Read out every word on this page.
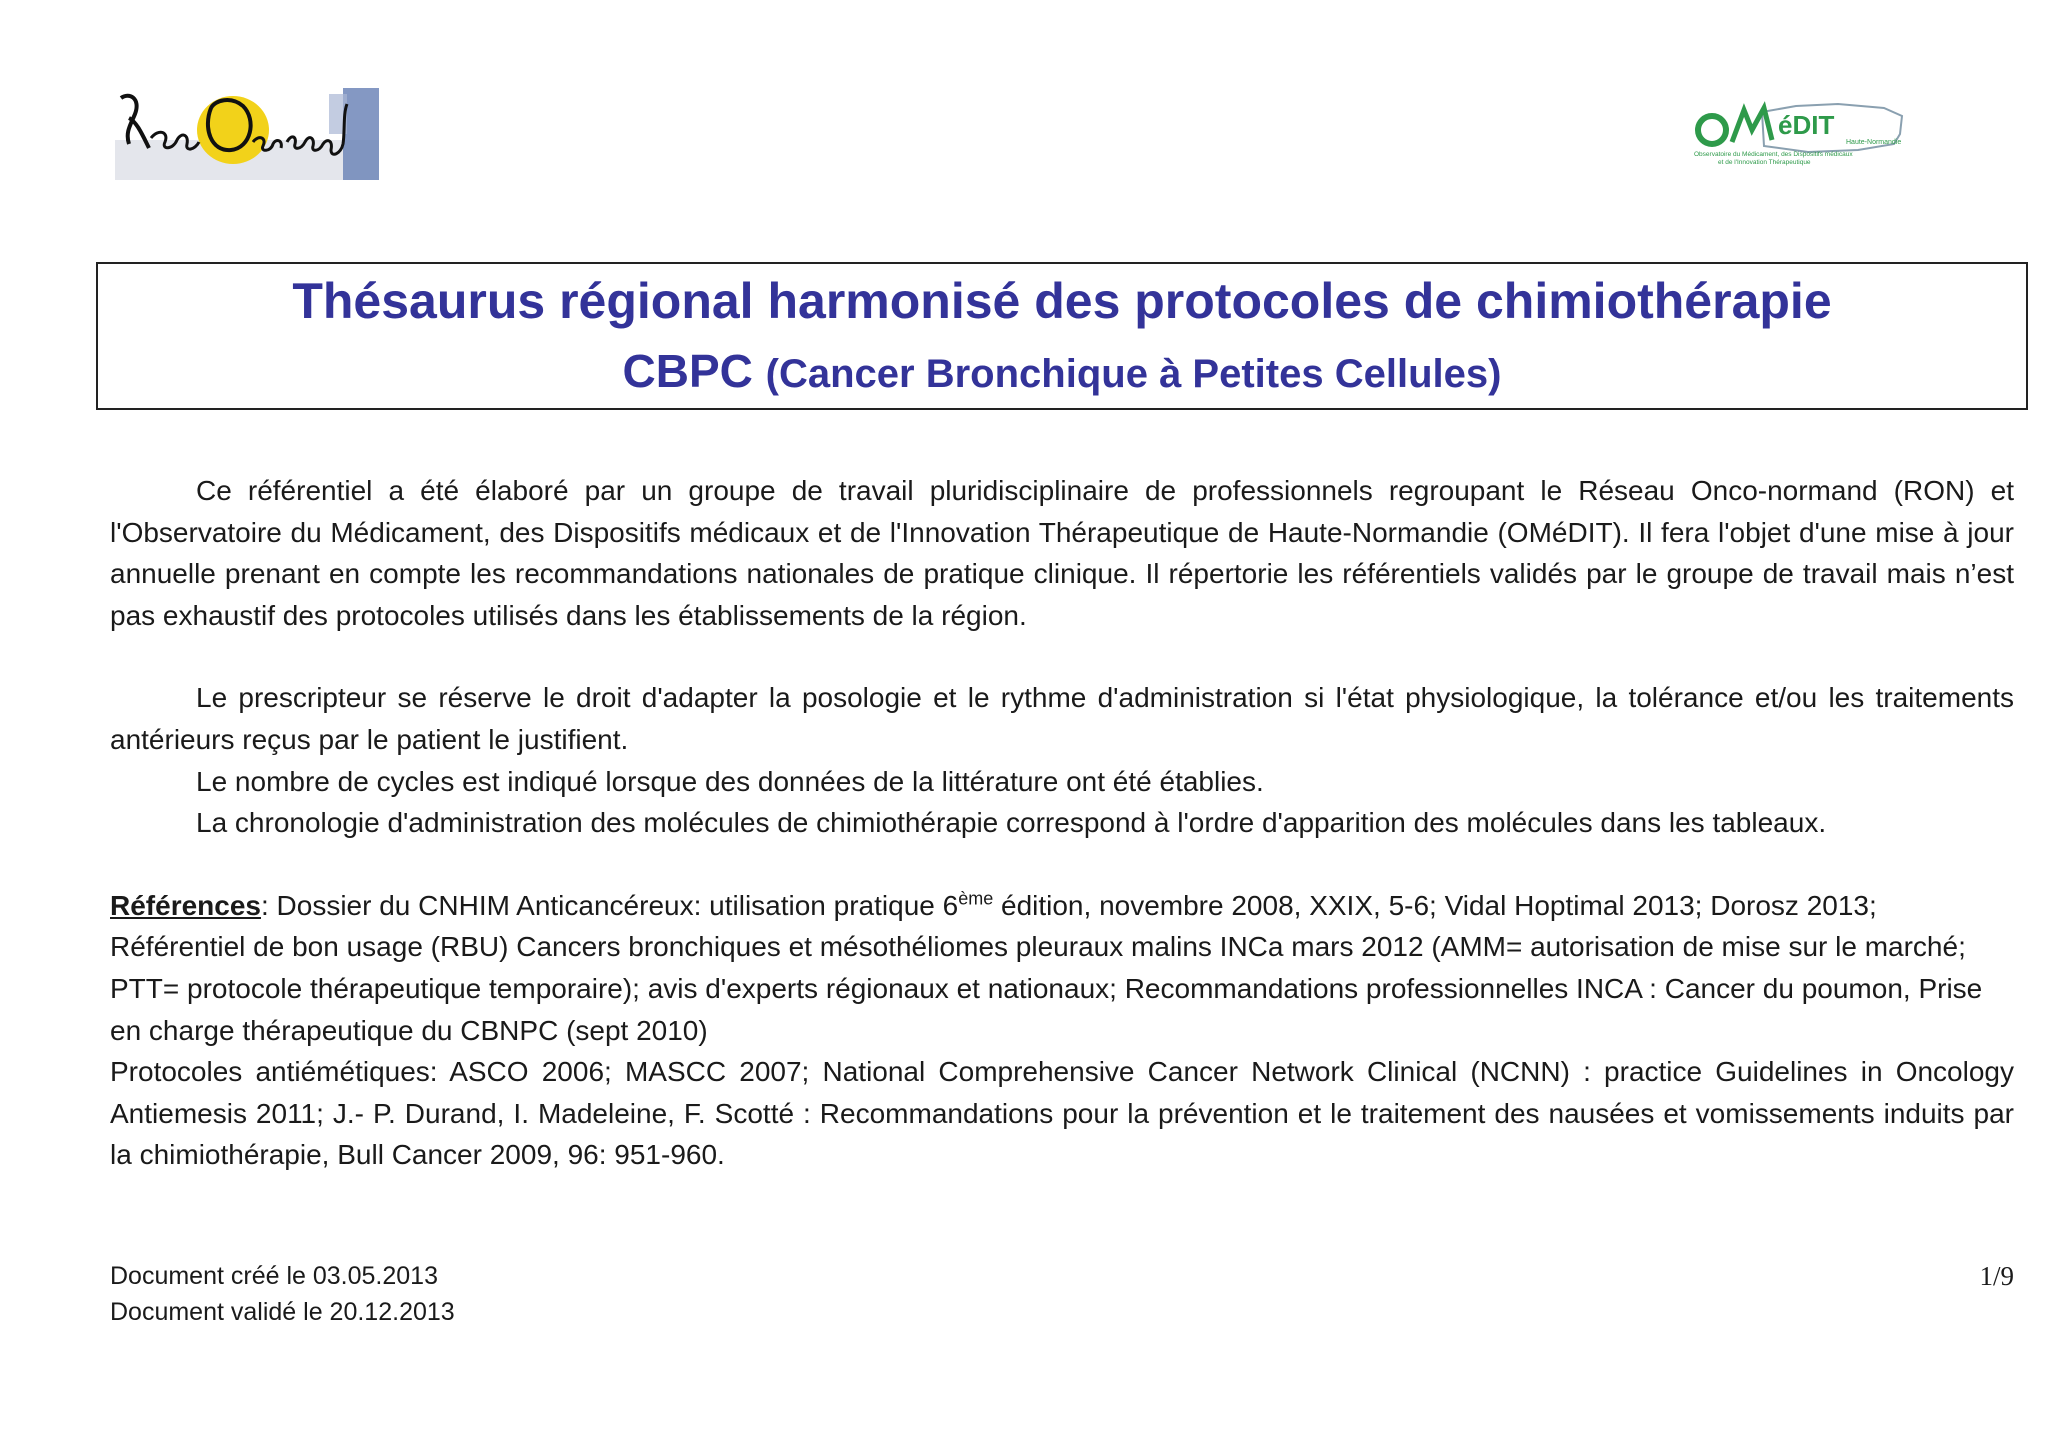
éDIT
Haute-Normandie
Observatoire du Médicament, des Dispositifs médicaux
et de l'Innovation Thérapeutique
Thésaurus régional harmonisé des protocoles de chimiothérapie
CBPC (Cancer Bronchique à Petites Cellules)

Ce référentiel a été élaboré par un groupe de travail pluridisciplinaire de professionnels regroupant le Réseau Onco-normand (RON) et l'Observatoire du Médicament, des Dispositifs médicaux et de l'Innovation Thérapeutique de Haute-Normandie (OMéDIT). Il fera l'objet d'une mise à jour annuelle prenant en compte les recommandations nationales de pratique clinique. Il répertorie les référentiels validés par le groupe de travail mais n’est pas exhaustif des protocoles utilisés dans les établissements de la région.

Le prescripteur se réserve le droit d'adapter la posologie et le rythme d'administration si l'état physiologique, la tolérance et/ou les traitements antérieurs reçus par le patient le justifient.

Le nombre de cycles est indiqué lorsque des données de la littérature ont été établies.

La chronologie d'administration des molécules de chimiothérapie correspond à l'ordre d'apparition des molécules dans les tableaux.

Références: Dossier du CNHIM Anticancéreux: utilisation pratique 6ème édition, novembre 2008, XXIX, 5-6; Vidal Hoptimal 2013; Dorosz 2013; Référentiel de bon usage (RBU) Cancers bronchiques et mésothéliomes pleuraux malins INCa mars 2012 (AMM= autorisation de mise sur le marché; PTT= protocole thérapeutique temporaire); avis d'experts régionaux et nationaux; Recommandations professionnelles INCA : Cancer du poumon, Prise en charge thérapeutique du CBNPC (sept 2010)

Protocoles antiémétiques: ASCO 2006; MASCC 2007; National Comprehensive Cancer Network Clinical (NCNN) : practice Guidelines in Oncology Antiemesis 2011; J.- P. Durand, I. Madeleine, F. Scotté : Recommandations pour la prévention et le traitement des nausées et vomissements induits par la chimiothérapie, Bull Cancer 2009, 96: 951-960.

Document créé le 03.05.2013
Document validé le 20.12.2013
1/9
